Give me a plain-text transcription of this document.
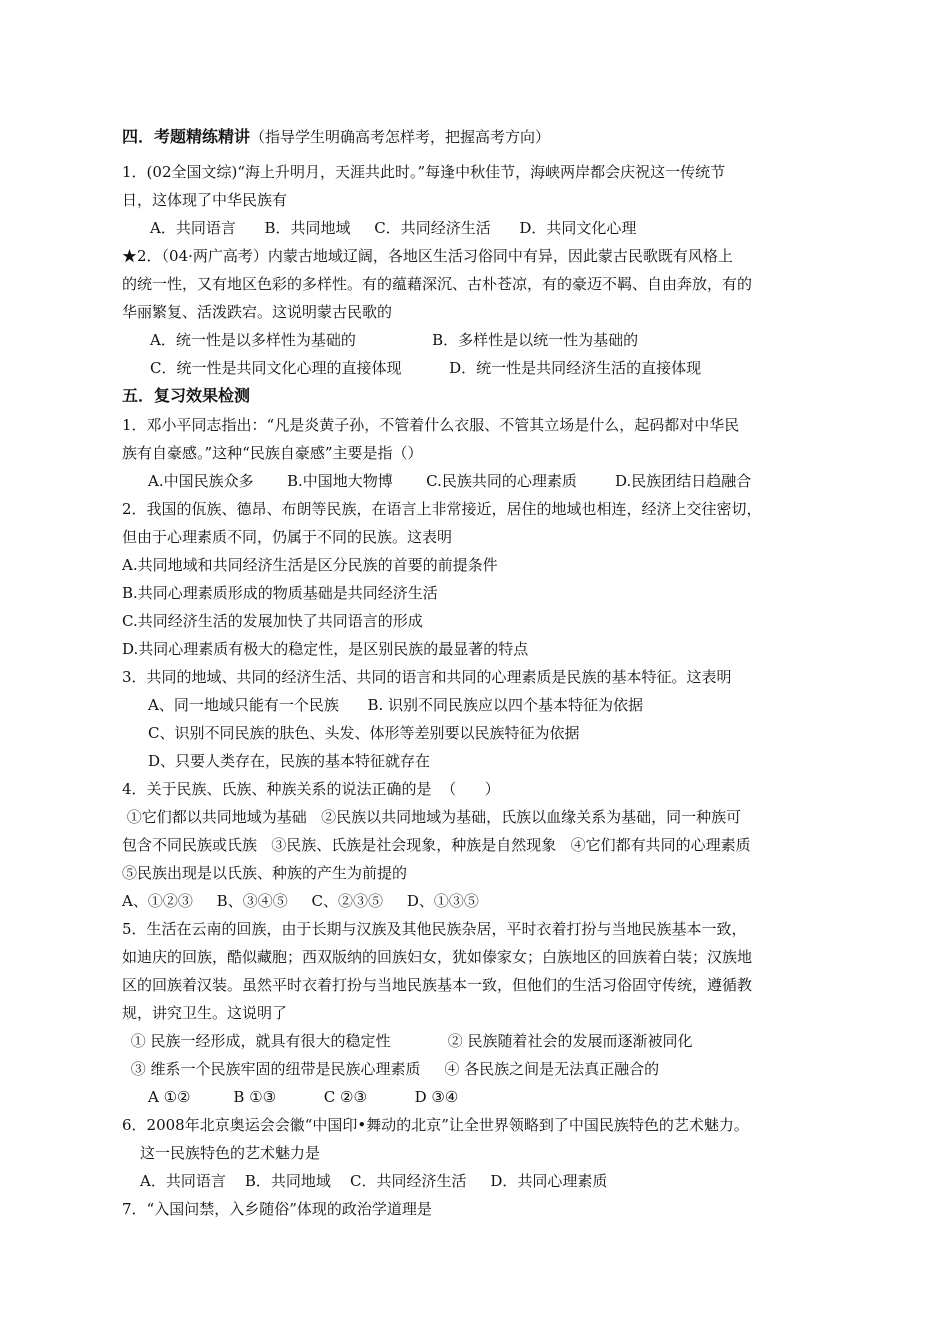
四．考题精练精讲（指导学生明确高考怎样考，把握高考方向）
1．(02全国文综)“海上升明月，天涯共此时。”每逢中秋佳节，海峡两岸都会庆祝这一传统节
日，这体现了中华民族有
A．共同语言      B．共同地域     C．共同经济生活      D．共同文化心理
★2．（04·两广高考）内蒙古地域辽阔，各地区生活习俗同中有异，因此蒙古民歌既有风格上
的统一性，又有地区色彩的多样性。有的蕴藉深沉、古朴苍凉，有的豪迈不羁、自由奔放，有的
华丽繁复、活泼跌宕。这说明蒙古民歌的
A．统一性是以多样性为基础的                B．多样性是以统一性为基础的
C．统一性是共同文化心理的直接体现          D．统一性是共同经济生活的直接体现
五．复习效果检测
1．邓小平同志指出：“凡是炎黄子孙，不管着什么衣服、不管其立场是什么，起码都对中华民
族有自豪感。”这种“民族自豪感”主要是指（）
A.中国民族众多       B.中国地大物博       C.民族共同的心理素质        D.民族团结日趋融合
2．我国的佤族、德昂、布朗等民族，在语言上非常接近，居住的地域也相连，经济上交往密切，
但由于心理素质不同，仍属于不同的民族。这表明
A.共同地域和共同经济生活是区分民族的首要的前提条件
B.共同心理素质形成的物质基础是共同经济生活
C.共同经济生活的发展加快了共同语言的形成
D.共同心理素质有极大的稳定性，是区别民族的最显著的特点
3．共同的地域、共同的经济生活、共同的语言和共同的心理素质是民族的基本特征。这表明
A、同一地域只能有一个民族      B. 识别不同民族应以四个基本特征为依据
C、识别不同民族的肤色、头发、体形等差别要以民族特征为依据
D、只要人类存在，民族的基本特征就存在
4．关于民族、氏族、种族关系的说法正确的是  （      ）
①它们都以共同地域为基础   ②民族以共同地域为基础，氏族以血缘关系为基础，同一种族可
包含不同民族或氏族   ③民族、氏族是社会现象，种族是自然现象   ④它们都有共同的心理素质
⑤民族出现是以氏族、种族的产生为前提的
A、①②③     B、③④⑤     C、②③⑤     D、①③⑤
5．生活在云南的回族，由于长期与汉族及其他民族杂居，平时衣着打扮与当地民族基本一致，
如迪庆的回族，酷似藏胞；西双版纳的回族妇女，犹如傣家女；白族地区的回族着白装；汉族地
区的回族着汉装。虽然平时衣着打扮与当地民族基本一致，但他们的生活习俗固守传统，遵循教
规，讲究卫生。这说明了
① 民族一经形成，就具有很大的稳定性            ② 民族随着社会的发展而逐渐被同化
③ 维系一个民族牢固的纽带是民族心理素质     ④ 各民族之间是无法真正融合的
A ①②         B ①③          C ②③          D ③④
6．2008年北京奥运会会徽“中国印•舞动的北京”让全世界领略到了中国民族特色的艺术魅力。
这一民族特色的艺术魅力是
A．共同语言    B．共同地域    C．共同经济生活     D．共同心理素质
7．“入国问禁，入乡随俗”体现的政治学道理是
